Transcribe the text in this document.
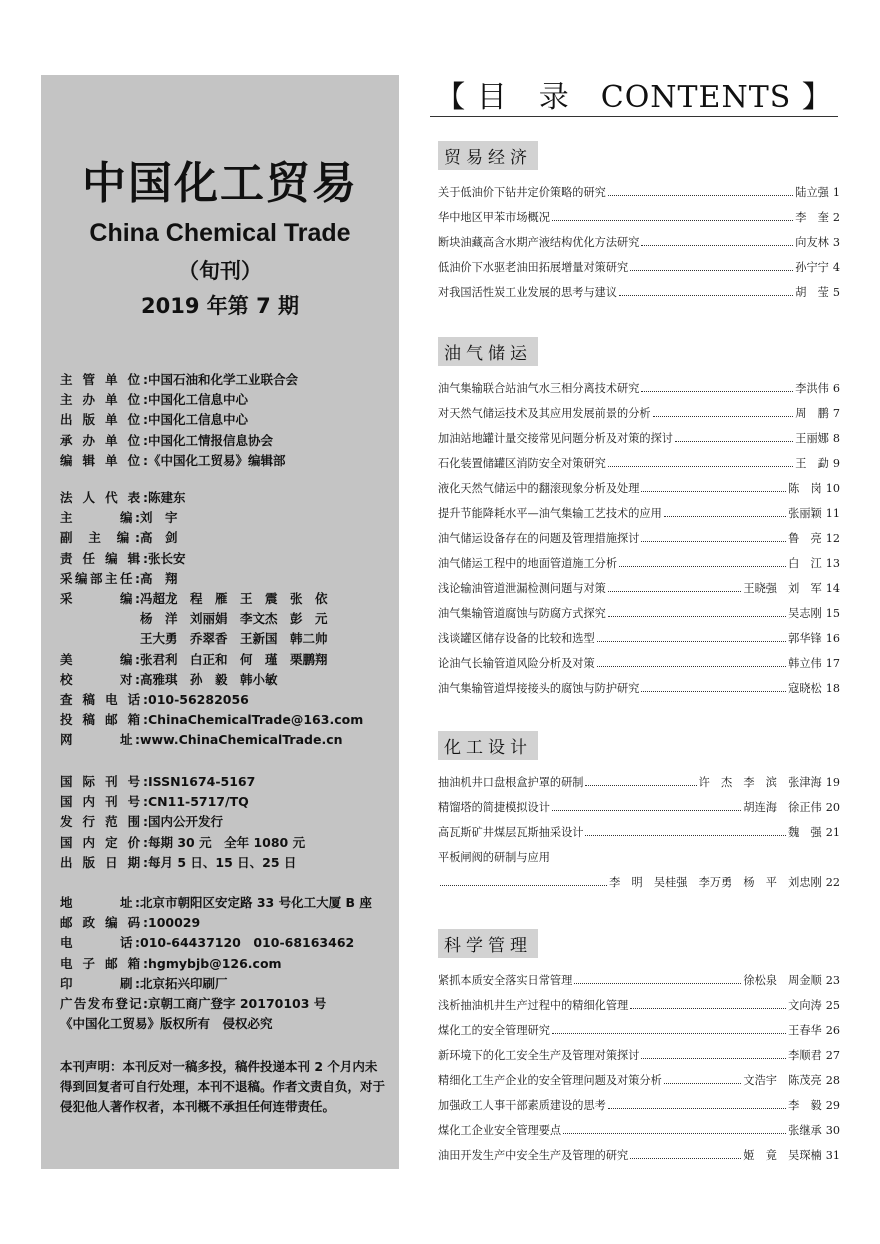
中国化工贸易
China Chemical Trade
（旬刊）
2019 年第 7 期
主 管 单 位: 中国石油和化学工业联合会
主 办 单 位: 中国化工信息中心
出 版 单 位: 中国化工信息中心
承 办 单 位: 中国化工情报信息协会
编 辑 单 位: 《中国化工贸易》编辑部
法 人 代 表: 陈建东
主　　　编: 刘　宇
副 主 编: 高　剑
责 任 编 辑: 张长安
采编部主任: 高　翔
采　　　编: 冯超龙　程　雁　王　震　张　依
杨　洋　刘丽娟　李文杰　彭　元
王大勇　乔翠香　王新国　韩二帅
美　　　编: 张君利　白正和　何　瑾　栗鹏翔
校　　　对: 高雅琪　孙　毅　韩小敏
查 稿 电 话: 010-56282056
投 稿 邮 箱: ChinaChemicalTrade@163.com
网　　　址: www.ChinaChemicalTrade.cn
国 际 刊 号: ISSN1674-5167
国 内 刊 号: CN11-5717/TQ
发 行 范 围: 国内公开发行
国 内 定 价: 每期 30 元　全年 1080 元
出 版 日 期: 每月 5 日、15 日、25 日
地　　　址: 北京市朝阳区安定路 33 号化工大厦 B 座
邮 政 编 码: 100029
电　　　话: 010-64437120　010-68163462
电 子 邮 箱: hgmybjb@126.com
印　　　刷: 北京拓兴印刷厂
广告发布登记: 京朝工商广登字 20170103 号
《中国化工贸易》版权所有　侵权必究
本刊声明：本刊反对一稿多投，稿件投递本刊 2 个月内未得到回复者可自行处理，本刊不退稿。作者文责自负，对于侵犯他人著作权者，本刊概不承担任何连带责任。
【 目　录　CONTENTS 】
贸易经济
关于低油价下钻井定价策略的研究	陆立强 1
华中地区甲苯市场概况	李　奎 2
断块油藏高含水期产液结构优化方法研究	向友林 3
低油价下水驱老油田拓展增量对策研究	孙宁宁 4
对我国活性炭工业发展的思考与建议	胡　莹 5
油气储运
油气集输联合站油气水三相分离技术研究	李洪伟 6
对天然气储运技术及其应用发展前景的分析	周　鹏 7
加油站地罐计量交接常见问题分析及对策的探讨	王丽娜 8
石化装置储罐区消防安全对策研究	王　勐 9
液化天然气储运中的翻滚现象分析及处理	陈　岗 10
提升节能降耗水平—油气集输工艺技术的应用	张丽颖 11
油气储运设备存在的问题及管理措施探讨	鲁　亮 12
油气储运工程中的地面管道施工分析	白　江 13
浅论输油管道泄漏检测问题与对策	王晓强　刘　军 14
油气集输管道腐蚀与防腐方式探究	吴志刚 15
浅谈罐区储存设备的比较和选型	郭华锋 16
论油气长输管道风险分析及对策	韩立伟 17
油气集输管道焊接接头的腐蚀与防护研究	寇晓松 18
化工设计
抽油机井口盘根盒护罩的研制	许　杰　李　滨　张津海 19
精馏塔的简捷模拟设计	胡连海　徐正伟 20
高瓦斯矿井煤层瓦斯抽采设计	魏　强 21
平板闸阀的研制与应用
李　明　吴桂强　李万勇　杨　平　刘忠刚 22
科学管理
紧抓本质安全落实日常管理	徐松泉　周金顺 23
浅析抽油机井生产过程中的精细化管理	文向涛 25
煤化工的安全管理研究	王春华 26
新环境下的化工安全生产及管理对策探讨	李顺君 27
精细化工生产企业的安全管理问题及对策分析	文浩宇　陈茂亮 28
加强政工人事干部素质建设的思考	李　毅 29
煤化工企业安全管理要点	张继承 30
油田开发生产中安全生产及管理的研究	姬　竟　吴琛楠 31
